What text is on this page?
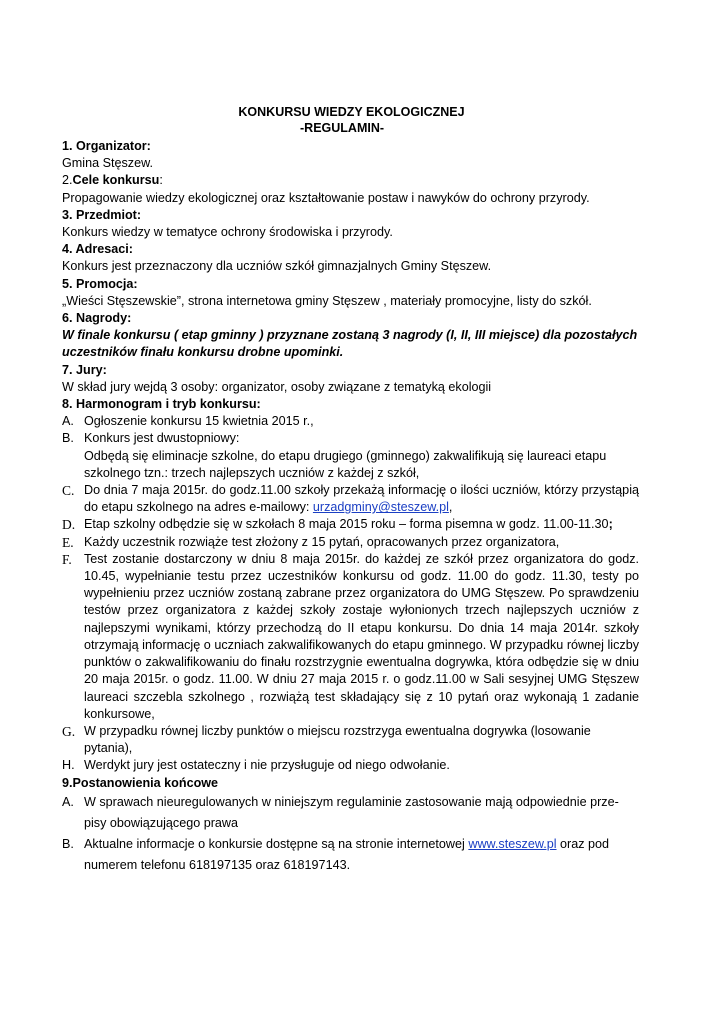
KONKURSU WIEDZY EKOLOGICZNEJ
-REGULAMIN-
1. Organizator:
Gmina Stęszew.
2.Cele konkursu:
Propagowanie wiedzy ekologicznej oraz kształtowanie postaw i nawyków do ochrony przyrody.
3. Przedmiot:
Konkurs wiedzy w tematyce ochrony środowiska i przyrody.
4. Adresaci:
Konkurs jest przeznaczony dla uczniów szkół gimnazjalnych Gminy Stęszew.
5. Promocja:
„Wieści Stęszewskie”, strona internetowa gminy Stęszew , materiały promocyjne, listy do szkół.
6. Nagrody:
W finale konkursu ( etap gminny ) przyznane zostaną 3 nagrody (I, II, III miejsce) dla pozostałych uczestników finału konkursu drobne upominki.
7. Jury:
W skład jury wejdą 3 osoby: organizator, osoby związane z tematyką ekologii
8. Harmonogram i tryb konkursu:
A. Ogłoszenie konkursu 15 kwietnia 2015 r.,
B. Konkurs jest dwustopniowy:
Odbędą się eliminacje szkolne, do etapu drugiego (gminnego) zakwalifikują się laureaci etapu szkolnego tzn.: trzech najlepszych uczniów z każdej z szkół,
C. Do dnia 7 maja 2015r. do godz.11.00 szkoły przekażą informację o ilości uczniów, którzy przystąpią do etapu szkolnego na adres e-mailowy: urzadgminy@steszew.pl,
D. Etap szkolny odbędzie się w szkołach 8 maja 2015 roku – forma pisemna w godz. 11.00-11.30;
E. Każdy uczestnik rozwiąże test złożony z 15 pytań, opracowanych przez organizatora,
F. Test zostanie dostarczony w dniu 8 maja 2015r. do każdej ze szkół przez organizatora do godz. 10.45, wypełnianie testu przez uczestników konkursu od godz. 11.00 do godz. 11.30, testy po wypełnieniu przez uczniów zostaną zabrane przez organizatora do UMG Stęszew. Po sprawdzeniu testów przez organizatora z każdej szkoły zostaje wyłonionych trzech najlepszych uczniów z najlepszymi wynikami, którzy przechodzą do II etapu konkursu. Do dnia 14 maja 2014r. szkoły otrzymają informację o uczniach zakwalifikowanych do etapu gminnego. W przypadku równej liczby punktów o zakwalifikowaniu do finału rozstrzygnie ewentualna dogrywka, która odbędzie się w dniu 20 maja 2015r. o godz. 11.00. W dniu 27 maja 2015 r. o godz.11.00 w Sali sesyjnej UMG Stęszew laureaci szczebla szkolnego , rozwiążą test składający się z 10 pytań oraz wykonają 1 zadanie konkursowe,
G. W przypadku równej liczby punktów o miejscu rozstrzyga ewentualna dogrywka (losowanie pytania),
H. Werdykt jury jest ostateczny i nie przysługuje od niego odwołanie.
9.Postanowienia końcowe
A. W sprawach nieuregulowanych w niniejszym regulaminie zastosowanie mają odpowiednie prze-pisy obowiązującego prawa
B. Aktualne informacje o konkursie dostępne są na stronie internetowej www.steszew.pl oraz pod numerem telefonu 618197135 oraz 618197143.
